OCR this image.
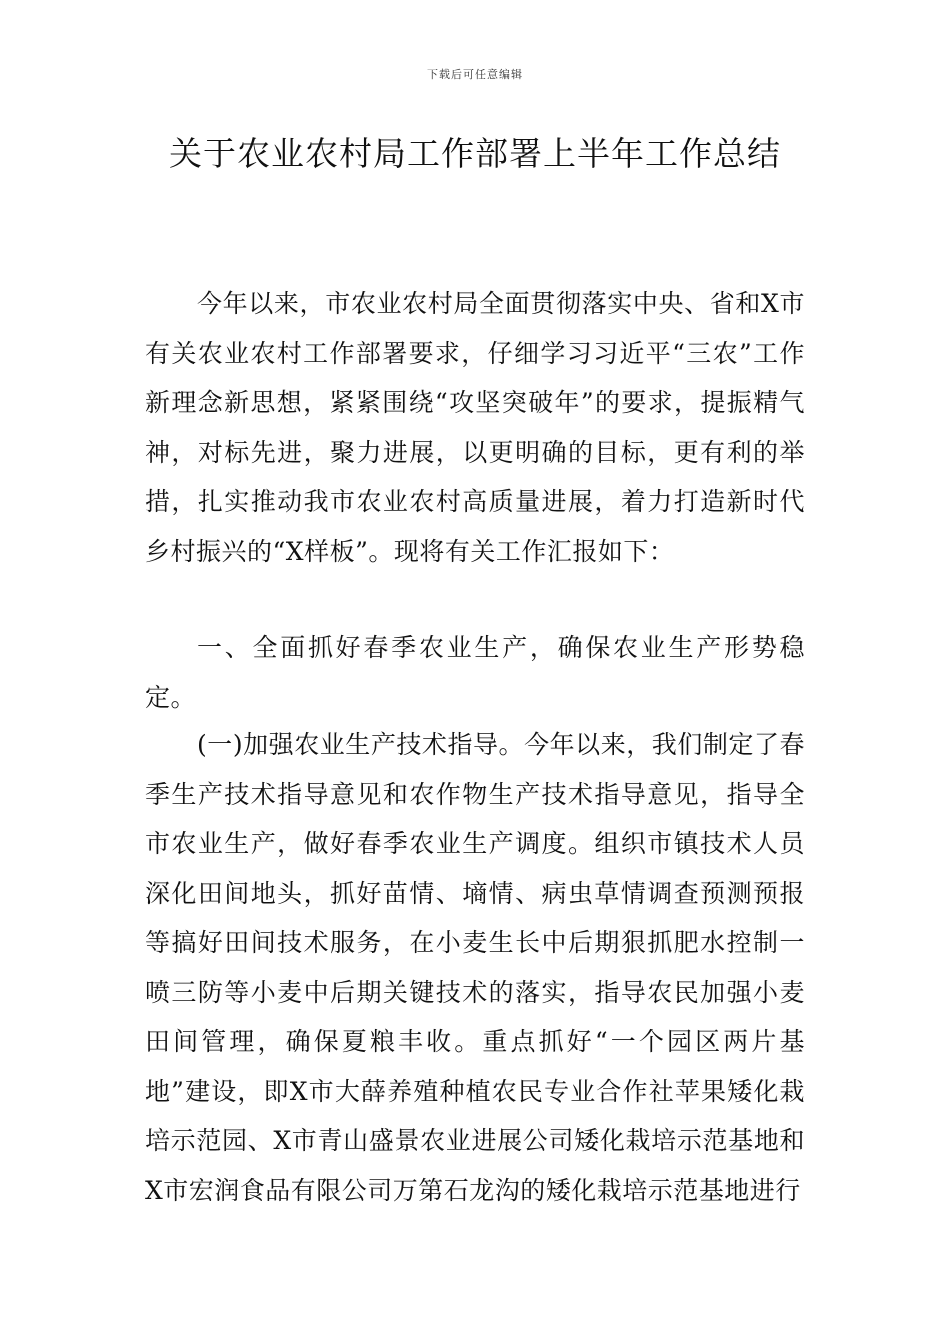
下载后可任意编辑
关于农业农村局工作部署上半年工作总结

今年以来，市农业农村局全面贯彻落实中央、省和X市有关农业农村工作部署要求，仔细学习习近平“三农”工作新理念新思想，紧紧围绕“攻坚突破年”的要求，提振精气神，对标先进，聚力进展，以更明确的目标，更有利的举措，扎实推动我市农业农村高质量进展，着力打造新时代乡村振兴的“X样板”。现将有关工作汇报如下：

一、全面抓好春季农业生产，确保农业生产形势稳定。

(一)加强农业生产技术指导。今年以来，我们制定了春季生产技术指导意见和农作物生产技术指导意见，指导全市农业生产，做好春季农业生产调度。组织市镇技术人员深化田间地头，抓好苗情、墒情、病虫草情调查预测预报等搞好田间技术服务，在小麦生长中后期狠抓肥水控制一喷三防等小麦中后期关键技术的落实，指导农民加强小麦田间管理，确保夏粮丰收。重点抓好“一个园区两片基地”建设，即X市大薛养殖种植农民专业合作社苹果矮化栽培示范园、X市青山盛景农业进展公司矮化栽培示范基地和X市宏润食品有限公司万第石龙沟的矮化栽培示范基地进行
